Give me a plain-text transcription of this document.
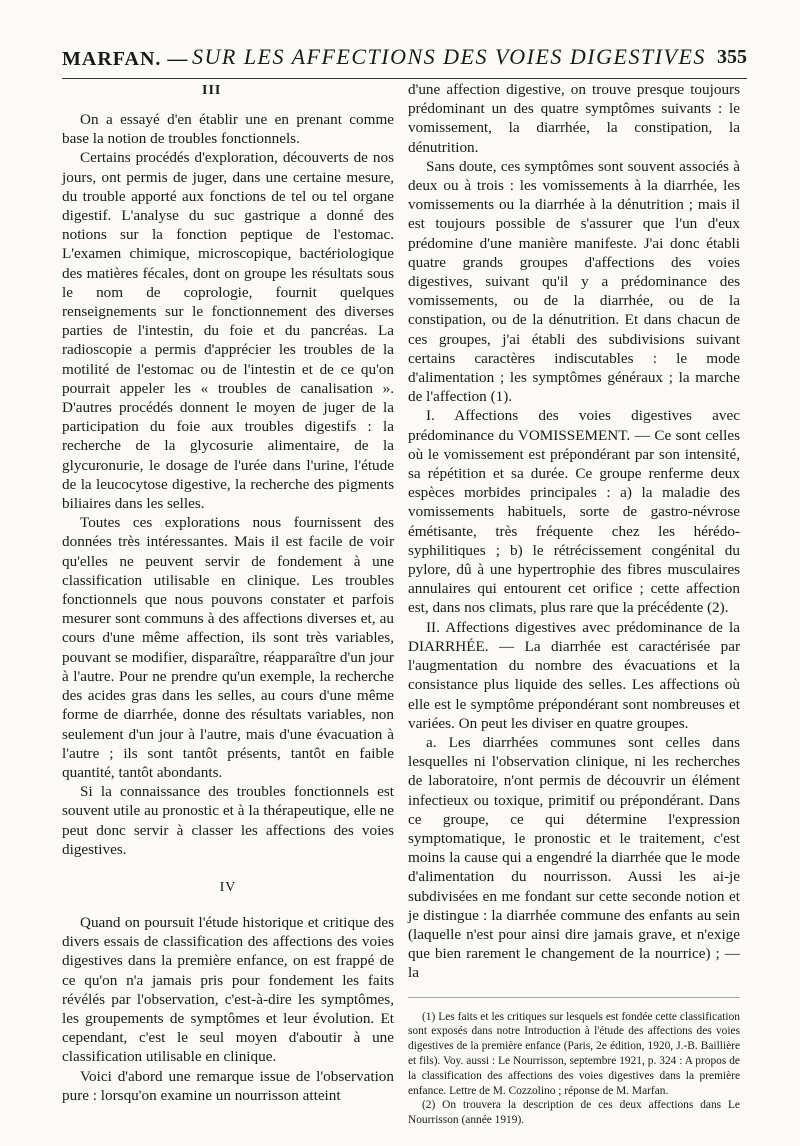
MARFAN. — SUR LES AFFECTIONS DES VOIES DIGESTIVES 355
III

On a essayé d'en établir une en prenant comme base la notion de troubles fonctionnels.

Certains procédés d'exploration, découverts de nos jours, ont permis de juger, dans une certaine mesure, du trouble apporté aux fonctions de tel ou tel organe digestif. L'analyse du suc gastrique a donné des notions sur la fonction peptique de l'estomac. L'examen chimique, microscopique, bactériologique des matières fécales, dont on groupe les résultats sous le nom de coprologie, fournit quelques renseignements sur le fonctionnement des diverses parties de l'intestin, du foie et du pancréas. La radioscopie a permis d'apprécier les troubles de la motilité de l'estomac ou de l'intestin et de ce qu'on pourrait appeler les « troubles de canalisation ». D'autres procédés donnent le moyen de juger de la participation du foie aux troubles digestifs : la recherche de la glycosurie alimentaire, de la glycuronurie, le dosage de l'urée dans l'urine, l'étude de la leucocytose digestive, la recherche des pigments biliaires dans les selles.

Toutes ces explorations nous fournissent des données très intéressantes. Mais il est facile de voir qu'elles ne peuvent servir de fondement à une classification utilisable en clinique. Les troubles fonctionnels que nous pouvons constater et parfois mesurer sont communs à des affections diverses et, au cours d'une même affection, ils sont très variables, pouvant se modifier, disparaître, réapparaître d'un jour à l'autre. Pour ne prendre qu'un exemple, la recherche des acides gras dans les selles, au cours d'une même forme de diarrhée, donne des résultats variables, non seulement d'un jour à l'autre, mais d'une évacuation à l'autre ; ils sont tantôt présents, tantôt en faible quantité, tantôt abondants.

Si la connaissance des troubles fonctionnels est souvent utile au pronostic et à la thérapeutique, elle ne peut donc servir à classer les affections des voies digestives.

IV

Quand on poursuit l'étude historique et critique des divers essais de classification des affections des voies digestives dans la première enfance, on est frappé de ce qu'on n'a jamais pris pour fondement les faits révélés par l'observation, c'est-à-dire les symptômes, les groupements de symptômes et leur évolution. Et cependant, c'est le seul moyen d'aboutir à une classification utilisable en clinique.

Voici d'abord une remarque issue de l'observation pure : lorsqu'on examine un nourrisson atteint

d'une affection digestive, on trouve presque toujours prédominant un des quatre symptômes suivants : le vomissement, la diarrhée, la constipation, la dénutrition.

Sans doute, ces symptômes sont souvent associés à deux ou à trois : les vomissements à la diarrhée, les vomissements ou la diarrhée à la dénutrition ; mais il est toujours possible de s'assurer que l'un d'eux prédomine d'une manière manifeste. J'ai donc établi quatre grands groupes d'affections des voies digestives, suivant qu'il y a prédominance des vomissements, ou de la diarrhée, ou de la constipation, ou de la dénutrition. Et dans chacun de ces groupes, j'ai établi des subdivisions suivant certains caractères indiscutables : le mode d'alimentation ; les symptômes généraux ; la marche de l'affection (1).

I. Affections des voies digestives avec prédominance du VOMISSEMENT. — Ce sont celles où le vomissement est prépondérant par son intensité, sa répétition et sa durée. Ce groupe renferme deux espèces morbides principales : a) la maladie des vomissements habituels, sorte de gastro-névrose émétisante, très fréquente chez les hérédo-syphilitiques ; b) le rétrécissement congénital du pylore, dû à une hypertrophie des fibres musculaires annulaires qui entourent cet orifice ; cette affection est, dans nos climats, plus rare que la précédente (2).

II. Affections digestives avec prédominance de la DIARRHÉE. — La diarrhée est caractérisée par l'augmentation du nombre des évacuations et la consistance plus liquide des selles. Les affections où elle est le symptôme prépondérant sont nombreuses et variées. On peut les diviser en quatre groupes.

a. Les diarrhées communes sont celles dans lesquelles ni l'observation clinique, ni les recherches de laboratoire, n'ont permis de découvrir un élément infectieux ou toxique, primitif ou prépondérant. Dans ce groupe, ce qui détermine l'expression symptomatique, le pronostic et le traitement, c'est moins la cause qui a engendré la diarrhée que le mode d'alimentation du nourrisson. Aussi les ai-je subdivisées en me fondant sur cette seconde notion et je distingue : la diarrhée commune des enfants au sein (laquelle n'est pour ainsi dire jamais grave, et n'exige que bien rarement le changement de la nourrice) ; — la

(1) Les faits et les critiques sur lesquels est fondée cette classification sont exposés dans notre Introduction à l'étude des affections des voies digestives de la première enfance (Paris, 2e édition, 1920, J.-B. Baillière et fils). Voy. aussi : Le Nourrisson, septembre 1921, p. 324 : A propos de la classification des affections des voies digestives dans la première enfance. Lettre de M. Cozzolino ; réponse de M. Marfan.

(2) On trouvera la description de ces deux affections dans Le Nourrisson (année 1919).
